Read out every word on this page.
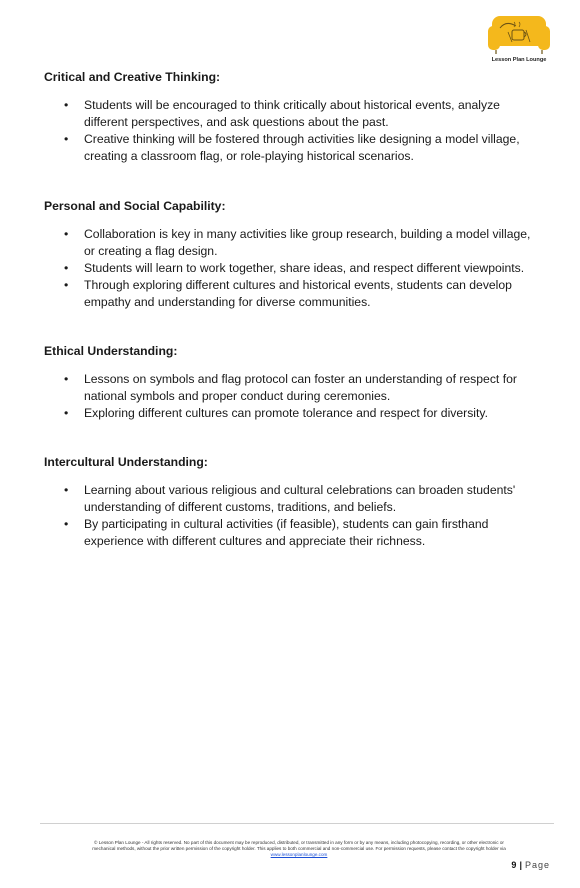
Lesson Plan Lounge
Critical and Creative Thinking:
• Students will be encouraged to think critically about historical events, analyze
different perspectives, and ask questions about the past.
• Creative thinking will be fostered through activities like designing a model village,
creating a classroom flag, or role-playing historical scenarios.
Personal and Social Capability:
• Collaboration is key in many activities like group research, building a model village,
or creating a flag design.
• Students will learn to work together, share ideas, and respect different viewpoints.
• Through exploring different cultures and historical events, students can develop
empathy and understanding for diverse communities.
Ethical Understanding:
• Lessons on symbols and flag protocol can foster an understanding of respect for
national symbols and proper conduct during ceremonies.
• Exploring different cultures can promote tolerance and respect for diversity.
Intercultural Understanding:
• Learning about various religious and cultural celebrations can broaden students'
understanding of different customs, traditions, and beliefs.
• By participating in cultural activities (if feasible), students can gain firsthand
experience with different cultures and appreciate their richness.
© Lesson Plan Lounge - All rights reserved. No part of this document may be reproduced, distributed, or transmitted in any form or by any means, including photocopying, recording, or other electronic or
mechanical methods, without the prior written permission of the copyright holder. This applies to both commercial and non-commercial use. For permission requests, please contact the copyright holder via
www.lessonplanlounge.com
9 | Page
